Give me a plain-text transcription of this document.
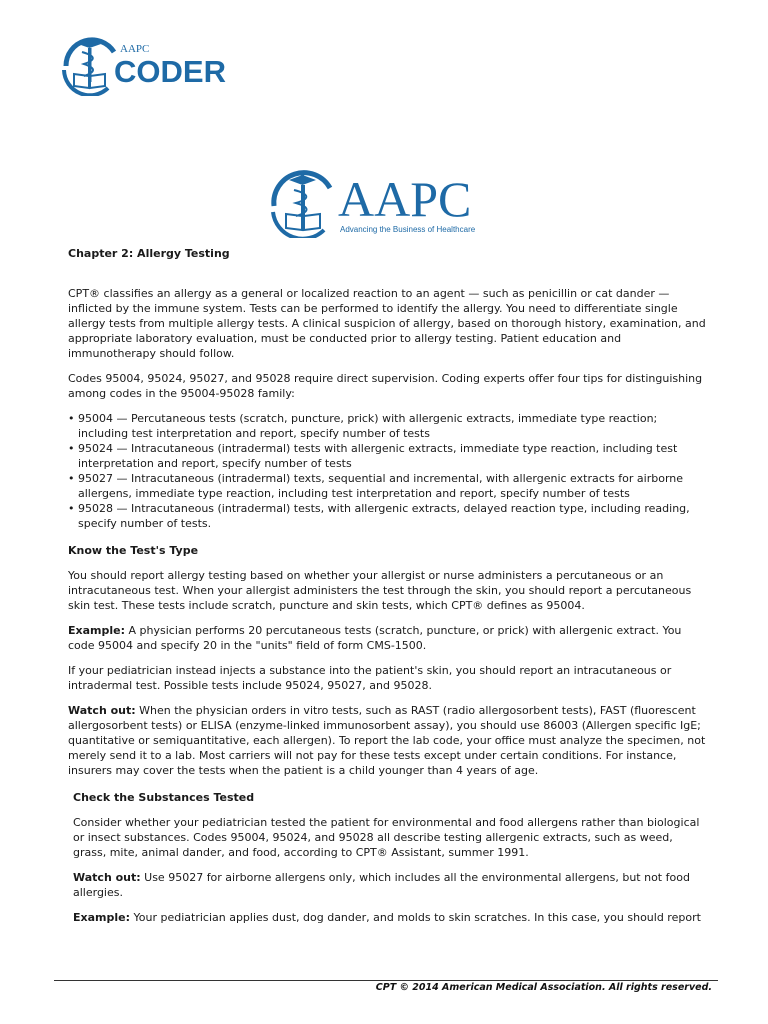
AAPC
CODER
AAPC
Advancing the Business of Healthcare

Chapter 2: Allergy Testing

CPT® classifies an allergy as a general or localized reaction to an agent — such as penicillin or cat dander — inflicted by the immune system. Tests can be performed to identify the allergy. You need to differentiate single allergy tests from multiple allergy tests. A clinical suspicion of allergy, based on thorough history, examination, and appropriate laboratory evaluation, must be conducted prior to allergy testing. Patient education and immunotherapy should follow.

Codes 95004, 95024, 95027, and 95028 require direct supervision. Coding experts offer four tips for distinguishing among codes in the 95004-95028 family:

• 95004 — Percutaneous tests (scratch, puncture, prick) with allergenic extracts, immediate type reaction; including test interpretation and report, specify number of tests
• 95024 — Intracutaneous (intradermal) tests with allergenic extracts, immediate type reaction, including test interpretation and report, specify number of tests
• 95027 — Intracutaneous (intradermal) texts, sequential and incremental, with allergenic extracts for airborne allergens, immediate type reaction, including test interpretation and report, specify number of tests
• 95028 — Intracutaneous (intradermal) tests, with allergenic extracts, delayed reaction type, including reading, specify number of tests.

Know the Test's Type

You should report allergy testing based on whether your allergist or nurse administers a percutaneous or an intracutaneous test. When your allergist administers the test through the skin, you should report a percutaneous skin test. These tests include scratch, puncture and skin tests, which CPT® defines as 95004.

Example: A physician performs 20 percutaneous tests (scratch, puncture, or prick) with allergenic extract. You code 95004 and specify 20 in the "units" field of form CMS-1500.

If your pediatrician instead injects a substance into the patient's skin, you should report an intracutaneous or intradermal test. Possible tests include 95024, 95027, and 95028.

Watch out: When the physician orders in vitro tests, such as RAST (radio allergosorbent tests), FAST (fluorescent allergosorbent tests) or ELISA (enzyme-linked immunosorbent assay), you should use 86003 (Allergen specific IgE; quantitative or semiquantitative, each allergen). To report the lab code, your office must analyze the specimen, not merely send it to a lab. Most carriers will not pay for these tests except under certain conditions. For instance, insurers may cover the tests when the patient is a child younger than 4 years of age.

Check the Substances Tested

Consider whether your pediatrician tested the patient for environmental and food allergens rather than biological or insect substances. Codes 95004, 95024, and 95028 all describe testing allergenic extracts, such as weed, grass, mite, animal dander, and food, according to CPT® Assistant, summer 1991.

Watch out: Use 95027 for airborne allergens only, which includes all the environmental allergens, but not food allergies.

Example: Your pediatrician applies dust, dog dander, and molds to skin scratches. In this case, you should report

CPT © 2014 American Medical Association. All rights reserved.
